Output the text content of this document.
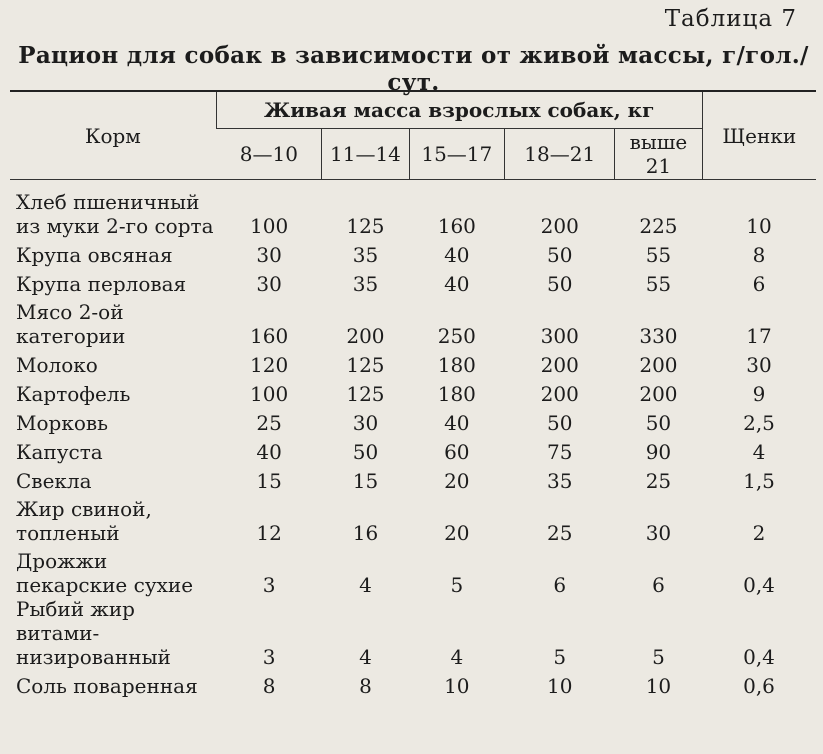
Таблица 7
Рацион для собак в зависимости от живой массы, г/гол./сут.
Корм	Живая масса взрослых собак, кг					Щенки
	8—10	11—14	15—17	18—21	выше 21	
Хлеб пшеничный из муки 2-го сорта	100	125	160	200	225	10
Крупа овсяная	30	35	40	50	55	8
Крупа перловая	30	35	40	50	55	6
Мясо 2-ой категории	160	200	250	300	330	17
Молоко	120	125	180	200	200	30
Картофель	100	125	180	200	200	9
Морковь	25	30	40	50	50	2,5
Капуста	40	50	60	75	90	4
Свекла	15	15	20	35	25	1,5
Жир свиной, топленый	12	16	20	25	30	2
Дрожжи пекарские сухие	3	4	5	6	6	0,4
Рыбий жир витами-низированный	3	4	4	5	5	0,4
Соль поваренная	8	8	10	10	10	0,6
